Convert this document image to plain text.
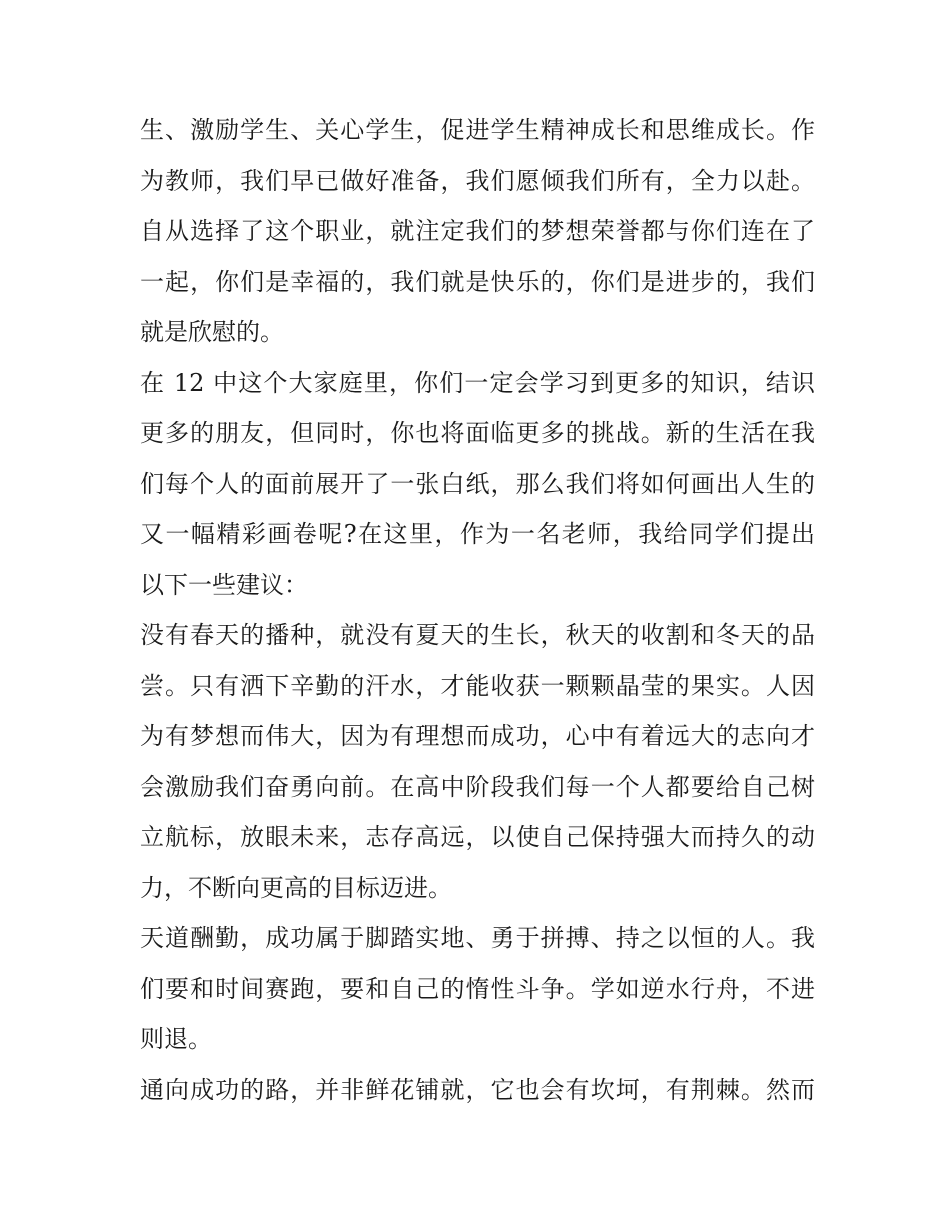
生、激励学生、关心学生，促进学生精神成长和思维成长。作
为教师，我们早已做好准备，我们愿倾我们所有，全力以赴。
自从选择了这个职业，就注定我们的梦想荣誉都与你们连在了
一起，你们是幸福的，我们就是快乐的，你们是进步的，我们
就是欣慰的。
在 12 中这个大家庭里，你们一定会学习到更多的知识，结识
更多的朋友，但同时，你也将面临更多的挑战。新的生活在我
们每个人的面前展开了一张白纸，那么我们将如何画出人生的
又一幅精彩画卷呢?在这里，作为一名老师，我给同学们提出
以下一些建议：
没有春天的播种，就没有夏天的生长，秋天的收割和冬天的品
尝。只有洒下辛勤的汗水，才能收获一颗颗晶莹的果实。人因
为有梦想而伟大，因为有理想而成功，心中有着远大的志向才
会激励我们奋勇向前。在高中阶段我们每一个人都要给自己树
立航标，放眼未来，志存高远，以使自己保持强大而持久的动
力，不断向更高的目标迈进。
天道酬勤，成功属于脚踏实地、勇于拼搏、持之以恒的人。我
们要和时间赛跑，要和自己的惰性斗争。学如逆水行舟，不进
则退。
通向成功的路，并非鲜花铺就，它也会有坎坷，有荆棘。然而
